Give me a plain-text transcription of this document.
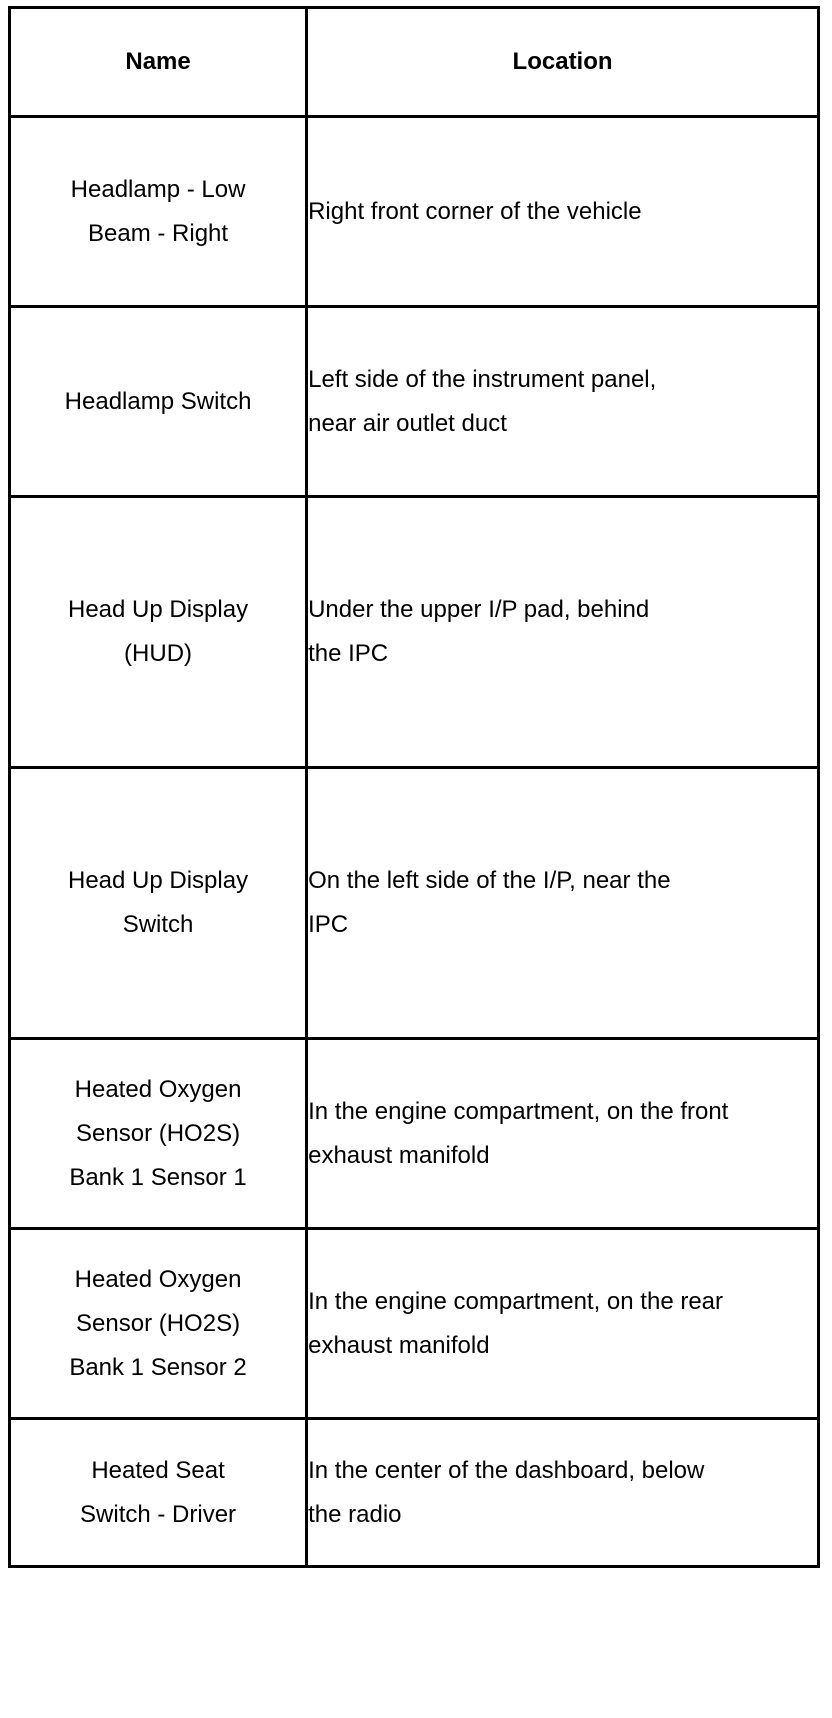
Name	Location

Headlamp - Low Beam - Right	Right front corner of the vehicle

Headlamp Switch	Left side of the instrument panel, near air outlet duct

Head Up Display (HUD)	Under the upper I/P pad, behind the IPC

Head Up Display Switch	On the left side of the I/P, near the IPC

Heated Oxygen Sensor (HO2S) Bank 1 Sensor 1	In the engine compartment, on the front exhaust manifold

Heated Oxygen Sensor (HO2S) Bank 1 Sensor 2	In the engine compartment, on the rear exhaust manifold

Heated Seat Switch - Driver	In the center of the dashboard, below the radio
